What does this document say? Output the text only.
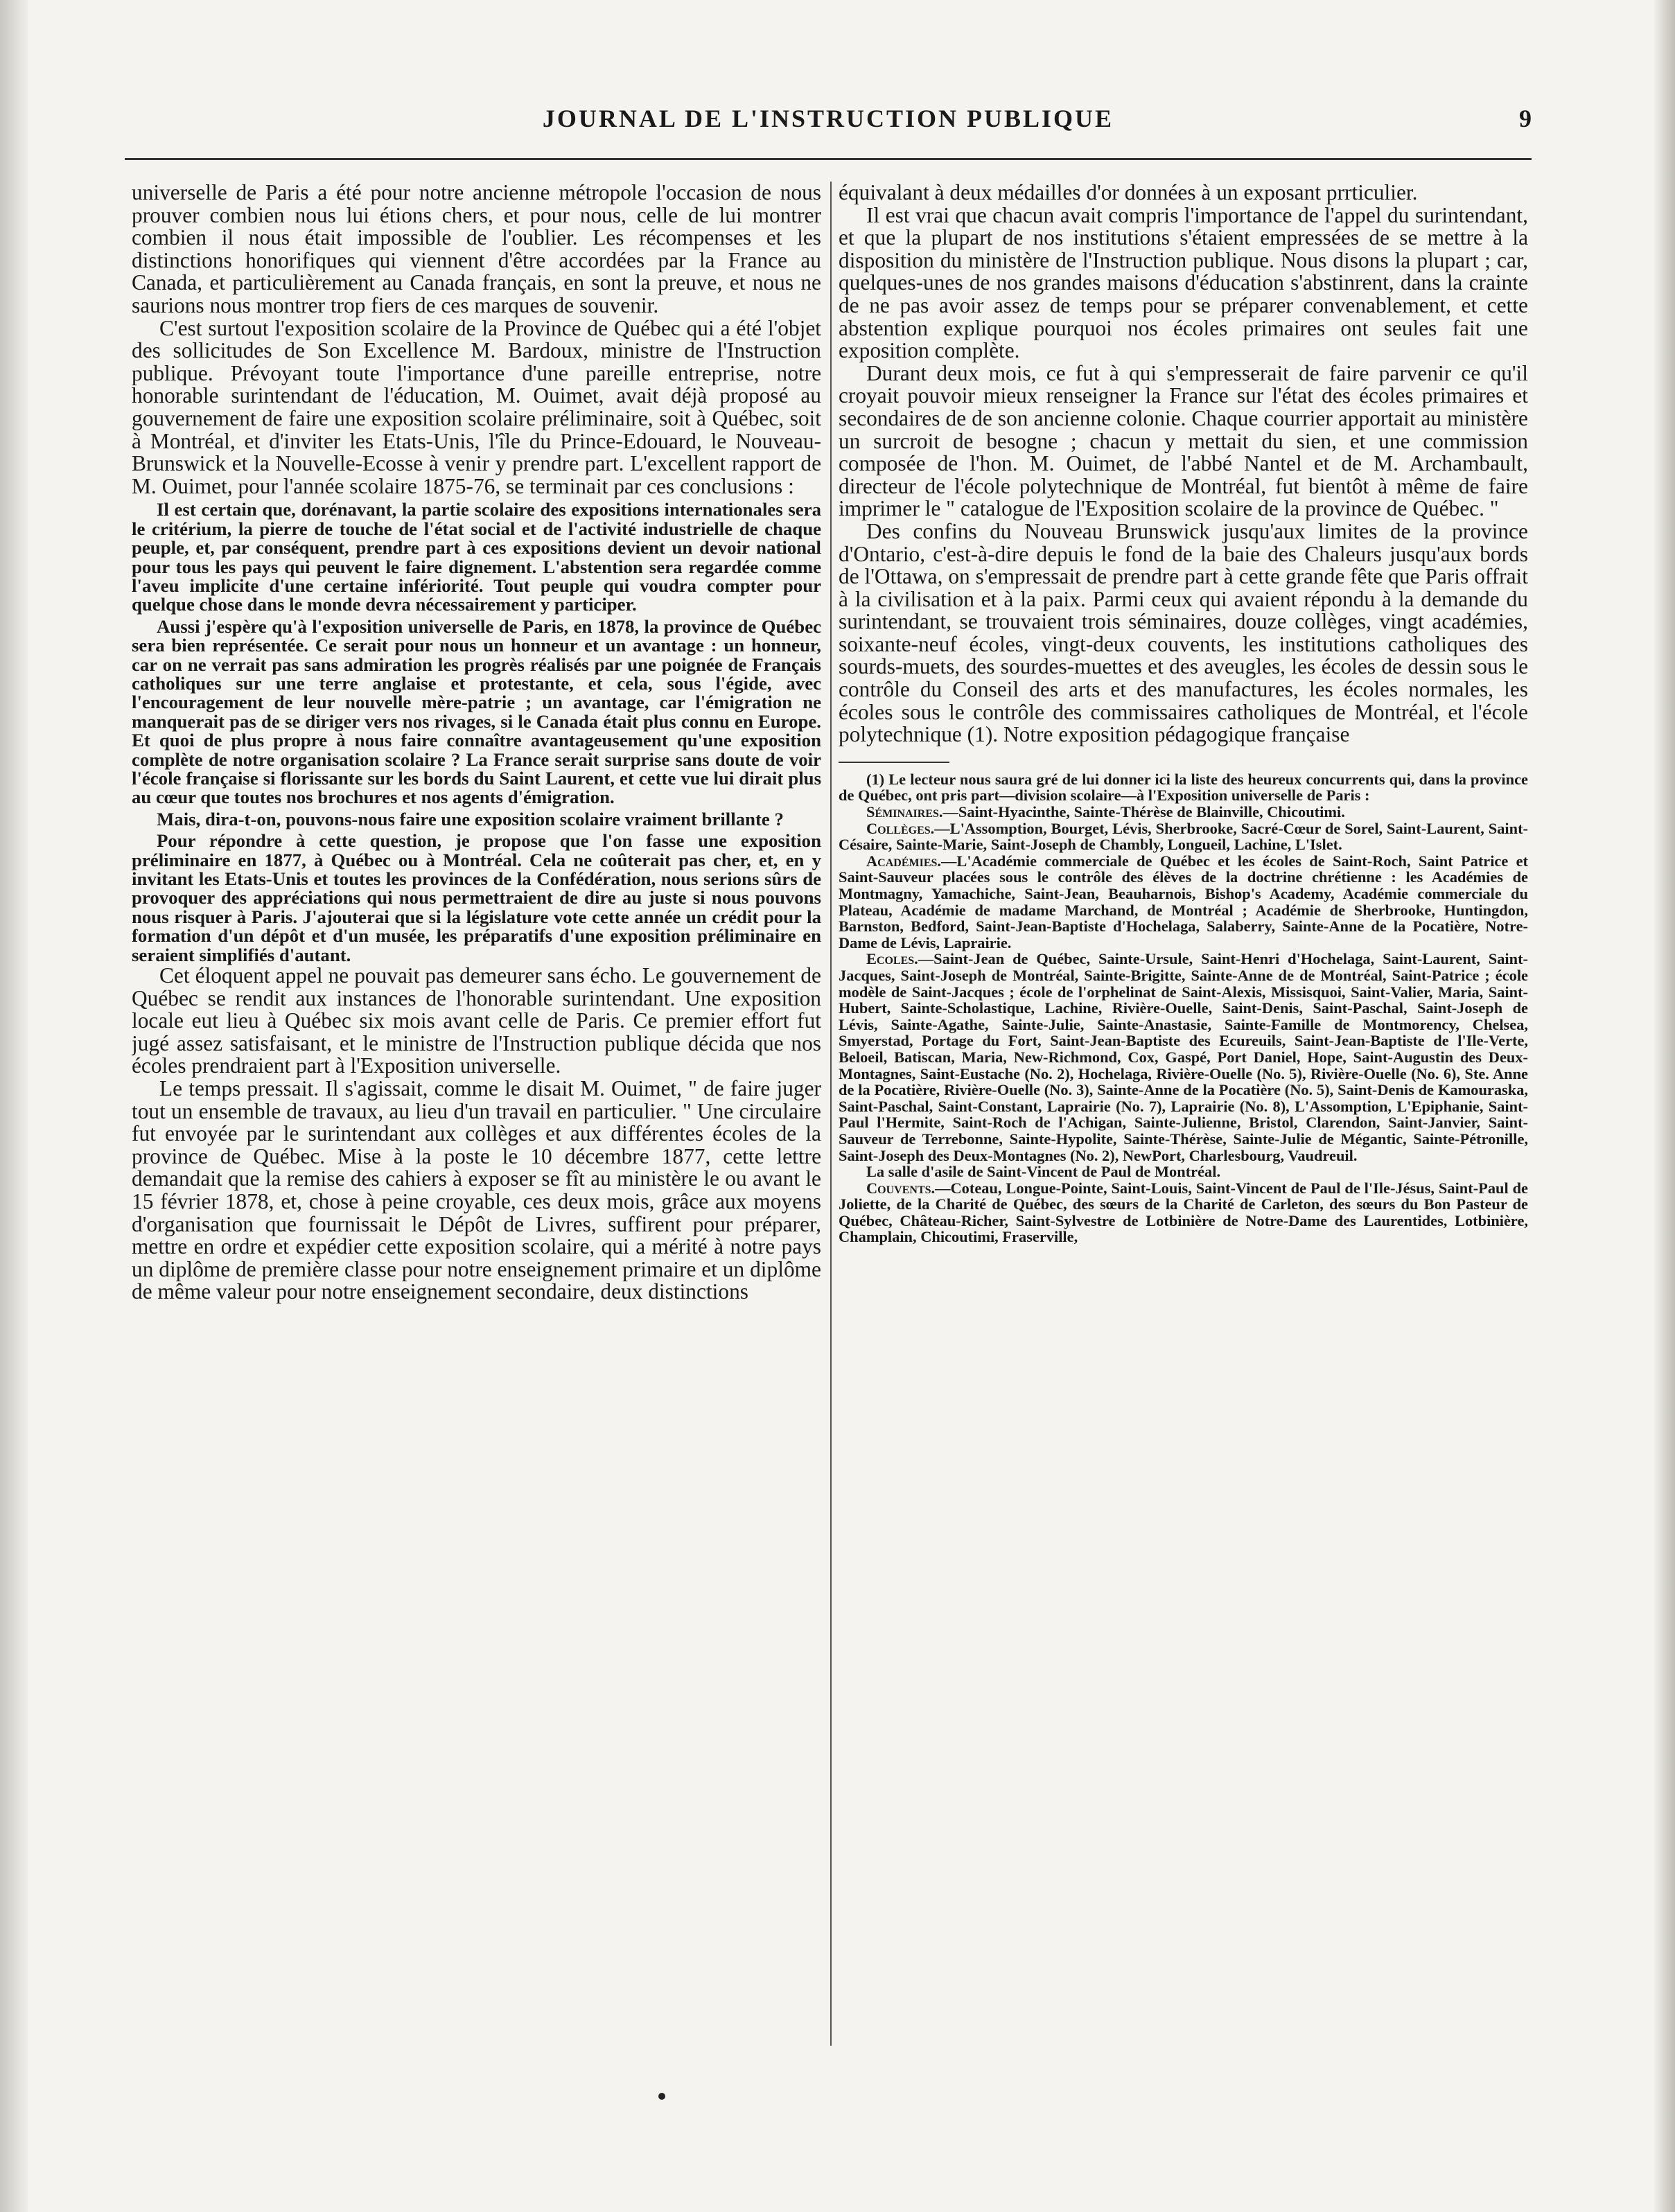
JOURNAL DE L'INSTRUCTION PUBLIQUE	9

universelle de Paris a été pour notre ancienne métropole l'occasion de nous prouver combien nous lui étions chers, et pour nous, celle de lui montrer combien il nous était impossible de l'oublier. Les récompenses et les distinctions honorifiques qui viennent d'être accordées par la France au Canada, et particulièrement au Canada français, en sont la preuve, et nous ne saurions nous montrer trop fiers de ces marques de souvenir.

C'est surtout l'exposition scolaire de la Province de Québec qui a été l'objet des sollicitudes de Son Excellence M. Bardoux, ministre de l'Instruction publique. Prévoyant toute l'importance d'une pareille entreprise, notre honorable surintendant de l'éducation, M. Ouimet, avait déjà proposé au gouvernement de faire une exposition scolaire préliminaire, soit à Québec, soit à Montréal, et d'inviter les Etats-Unis, l'île du Prince-Edouard, le Nouveau-Brunswick et la Nouvelle-Ecosse à venir y prendre part. L'excellent rapport de M. Ouimet, pour l'année scolaire 1875-76, se terminait par ces conclusions :

Il est certain que, dorénavant, la partie scolaire des expositions internationales sera le critérium, la pierre de touche de l'état social et de l'activité industrielle de chaque peuple, et, par conséquent, prendre part à ces expositions devient un devoir national pour tous les pays qui peuvent le faire dignement. L'abstention sera regardée comme l'aveu implicite d'une certaine infériorité. Tout peuple qui voudra compter pour quelque chose dans le monde devra nécessairement y participer.

Aussi j'espère qu'à l'exposition universelle de Paris, en 1878, la province de Québec sera bien représentée. Ce serait pour nous un honneur et un avantage : un honneur, car on ne verrait pas sans admiration les progrès réalisés par une poignée de Français catholiques sur une terre anglaise et protestante, et cela, sous l'égide, avec l'encouragement de leur nouvelle mère-patrie ; un avantage, car l'émigration ne manquerait pas de se diriger vers nos rivages, si le Canada était plus connu en Europe. Et quoi de plus propre à nous faire connaître avantageusement qu'une exposition complète de notre organisation scolaire ? La France serait surprise sans doute de voir l'école française si florissante sur les bords du Saint Laurent, et cette vue lui dirait plus au cœur que toutes nos brochures et nos agents d'émigration.

Mais, dira-t-on, pouvons-nous faire une exposition scolaire vraiment brillante ?

Pour répondre à cette question, je propose que l'on fasse une exposition préliminaire en 1877, à Québec ou à Montréal. Cela ne coûterait pas cher, et, en y invitant les Etats-Unis et toutes les provinces de la Confédération, nous serions sûrs de provoquer des appréciations qui nous permettraient de dire au juste si nous pouvons nous risquer à Paris. J'ajouterai que si la législature vote cette année un crédit pour la formation d'un dépôt et d'un musée, les préparatifs d'une exposition préliminaire en seraient simplifiés d'autant.

Cet éloquent appel ne pouvait pas demeurer sans écho. Le gouvernement de Québec se rendit aux instances de l'honorable surintendant. Une exposition locale eut lieu à Québec six mois avant celle de Paris. Ce premier effort fut jugé assez satisfaisant, et le ministre de l'Instruction publique décida que nos écoles prendraient part à l'Exposition universelle.

Le temps pressait. Il s'agissait, comme le disait M. Ouimet, " de faire juger tout un ensemble de travaux, au lieu d'un travail en particulier. " Une circulaire fut envoyée par le surintendant aux collèges et aux différentes écoles de la province de Québec. Mise à la poste le 10 décembre 1877, cette lettre demandait que la remise des cahiers à exposer se fît au ministère le ou avant le 15 février 1878, et, chose à peine croyable, ces deux mois, grâce aux moyens d'organisation que fournissait le Dépôt de Livres, suffirent pour préparer, mettre en ordre et expédier cette exposition scolaire, qui a mérité à notre pays un diplôme de première classe pour notre enseignement primaire et un diplôme de même valeur pour notre enseignement secondaire, deux distinctions

équivalant à deux médailles d'or données à un exposant prrticulier.

Il est vrai que chacun avait compris l'importance de l'appel du surintendant, et que la plupart de nos institutions s'étaient empressées de se mettre à la disposition du ministère de l'Instruction publique. Nous disons la plupart ; car, quelques-unes de nos grandes maisons d'éducation s'abstinrent, dans la crainte de ne pas avoir assez de temps pour se préparer convenablement, et cette abstention explique pourquoi nos écoles primaires ont seules fait une exposition complète.

Durant deux mois, ce fut à qui s'empresserait de faire parvenir ce qu'il croyait pouvoir mieux renseigner la France sur l'état des écoles primaires et secondaires de de son ancienne colonie. Chaque courrier apportait au ministère un surcroit de besogne ; chacun y mettait du sien, et une commission composée de l'hon. M. Ouimet, de l'abbé Nantel et de M. Archambault, directeur de l'école polytechnique de Montréal, fut bientôt à même de faire imprimer le " catalogue de l'Exposition scolaire de la province de Québec. "

Des confins du Nouveau Brunswick jusqu'aux limites de la province d'Ontario, c'est-à-dire depuis le fond de la baie des Chaleurs jusqu'aux bords de l'Ottawa, on s'empressait de prendre part à cette grande fête que Paris offrait à la civilisation et à la paix. Parmi ceux qui avaient répondu à la demande du surintendant, se trouvaient trois séminaires, douze collèges, vingt académies, soixante-neuf écoles, vingt-deux couvents, les institutions catholiques des sourds-muets, des sourdes-muettes et des aveugles, les écoles de dessin sous le contrôle du Conseil des arts et des manufactures, les écoles normales, les écoles sous le contrôle des commissaires catholiques de Montréal, et l'école polytechnique (1). Notre exposition pédagogique française

(1) Le lecteur nous saura gré de lui donner ici la liste des heureux concurrents qui, dans la province de Québec, ont pris part—division scolaire—à l'Exposition universelle de Paris :

Séminaires.—Saint-Hyacinthe, Sainte-Thérèse de Blainville, Chicoutimi.

Collèges.—L'Assomption, Bourget, Lévis, Sherbrooke, Sacré-Cœur de Sorel, Saint-Laurent, Saint-Césaire, Sainte-Marie, Saint-Joseph de Chambly, Longueil, Lachine, L'Islet.

Académies.—L'Académie commerciale de Québec et les écoles de Saint-Roch, Saint Patrice et Saint-Sauveur placées sous le contrôle des élèves de la doctrine chrétienne : les Académies de Montmagny, Yamachiche, Saint-Jean, Beauharnois, Bishop's Academy, Académie commerciale du Plateau, Académie de madame Marchand, de Montréal ; Académie de Sherbrooke, Huntingdon, Barnston, Bedford, Saint-Jean-Baptiste d'Hochelaga, Salaberry, Sainte-Anne de la Pocatière, Notre-Dame de Lévis, Laprairie.

Ecoles.—Saint-Jean de Québec, Sainte-Ursule, Saint-Henri d'Hochelaga, Saint-Laurent, Saint-Jacques, Saint-Joseph de Montréal, Sainte-Brigitte, Sainte-Anne de de Montréal, Saint-Patrice ; école modèle de Saint-Jacques ; école de l'orphelinat de Saint-Alexis, Missisquoi, Saint-Valier, Maria, Saint-Hubert, Sainte-Scholastique, Lachine, Rivière-Ouelle, Saint-Denis, Saint-Paschal, Saint-Joseph de Lévis, Sainte-Agathe, Sainte-Julie, Sainte-Anastasie, Sainte-Famille de Montmorency, Chelsea, Smyerstad, Portage du Fort, Saint-Jean-Baptiste des Ecureuils, Saint-Jean-Baptiste de l'Ile-Verte, Beloeil, Batiscan, Maria, New-Richmond, Cox, Gaspé, Port Daniel, Hope, Saint-Augustin des Deux-Montagnes, Saint-Eustache (No. 2), Hochelaga, Rivière-Ouelle (No. 5), Rivière-Ouelle (No. 6), Ste. Anne de la Pocatière, Rivière-Ouelle (No. 3), Sainte-Anne de la Pocatière (No. 5), Saint-Denis de Kamouraska, Saint-Paschal, Saint-Constant, Laprairie (No. 7), Laprairie (No. 8), L'Assomption, L'Epiphanie, Saint-Paul l'Hermite, Saint-Roch de l'Achigan, Sainte-Julienne, Bristol, Clarendon, Saint-Janvier, Saint-Sauveur de Terrebonne, Sainte-Hypolite, Sainte-Thérèse, Sainte-Julie de Mégantic, Sainte-Pétronille, Saint-Joseph des Deux-Montagnes (No. 2), NewPort, Charlesbourg, Vaudreuil.

La salle d'asile de Saint-Vincent de Paul de Montréal.

Couvents.—Coteau, Longue-Pointe, Saint-Louis, Saint-Vincent de Paul de l'Ile-Jésus, Saint-Paul de Joliette, de la Charité de Québec, des sœurs de la Charité de Carleton, des sœurs du Bon Pasteur de Québec, Château-Richer, Saint-Sylvestre de Lotbinière de Notre-Dame des Laurentides, Lotbinière, Champlain, Chicoutimi, Fraserville,
